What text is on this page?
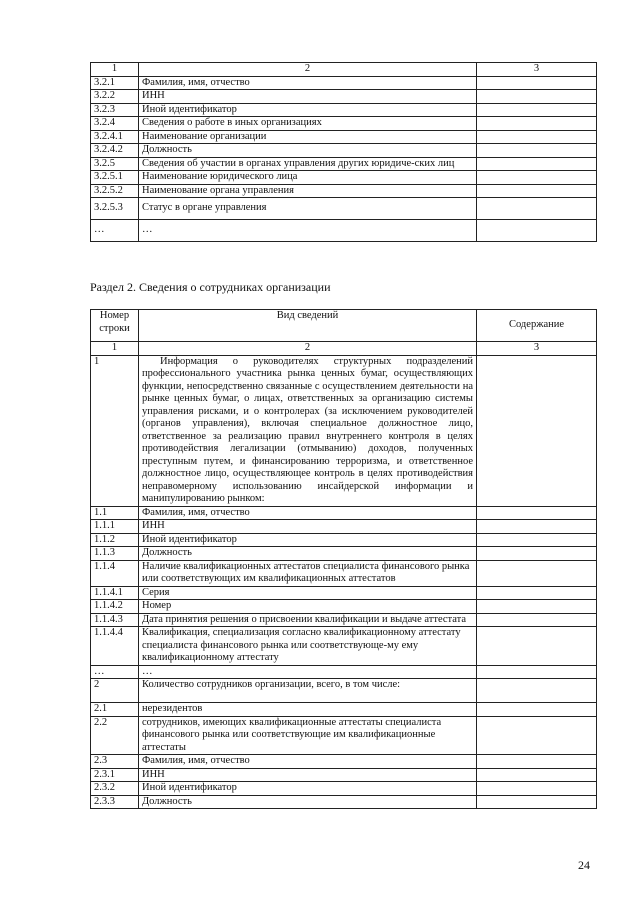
1	2	3
3.2.1	Фамилия, имя, отчество	
3.2.2	ИНН	
3.2.3	Иной идентификатор	
3.2.4	Сведения о работе в иных организациях	
3.2.4.1	Наименование организации	
3.2.4.2	Должность	
3.2.5	Сведения об участии в органах управления других юридиче-ских лиц	
3.2.5.1	Наименование юридического лица	
3.2.5.2	Наименование органа управления	
3.2.5.3	Статус в органе управления	
…	…	
Раздел 2. Сведения о сотрудниках организации
Номер строки	Вид сведений	Содержание
1	2	3
1	Информация о руководителях структурных подразделений профессионального участника рынка ценных бумаг, осуществляющих функции, непосредственно связанные с осуществлением деятельности на рынке ценных бумаг, о лицах, ответственных за организацию системы управления рисками, и о контролерах (за исключением руководителей (органов управления), включая специальное должностное лицо, ответственное за реализацию правил внутреннего контроля в целях противодействия легализации (отмыванию) доходов, полученных преступным путем, и финансированию терроризма, и ответственное должностное лицо, осуществляющее контроль в целях противодействия неправомерному использованию инсайдерской информации и манипулированию рынком:	
1.1	Фамилия, имя, отчество	
1.1.1	ИНН	
1.1.2	Иной идентификатор	
1.1.3	Должность	
1.1.4	Наличие квалификационных аттестатов специалиста финансового рынка или соответствующих им квалификационных аттестатов	
1.1.4.1	Серия	
1.1.4.2	Номер	
1.1.4.3	Дата принятия решения о присвоении квалификации и выдаче аттестата	
1.1.4.4	Квалификация, специализация согласно квалификационному аттестату специалиста финансового рынка или соответствующе-му ему квалификационному аттестату	
…	…	
2	Количество сотрудников организации, всего, в том числе:	
2.1	нерезидентов	
2.2	сотрудников, имеющих квалификационные аттестаты специалиста финансового рынка или соответствующие им квалификационные аттестаты	
2.3	Фамилия, имя, отчество	
2.3.1	ИНН	
2.3.2	Иной идентификатор	
2.3.3	Должность	
24
